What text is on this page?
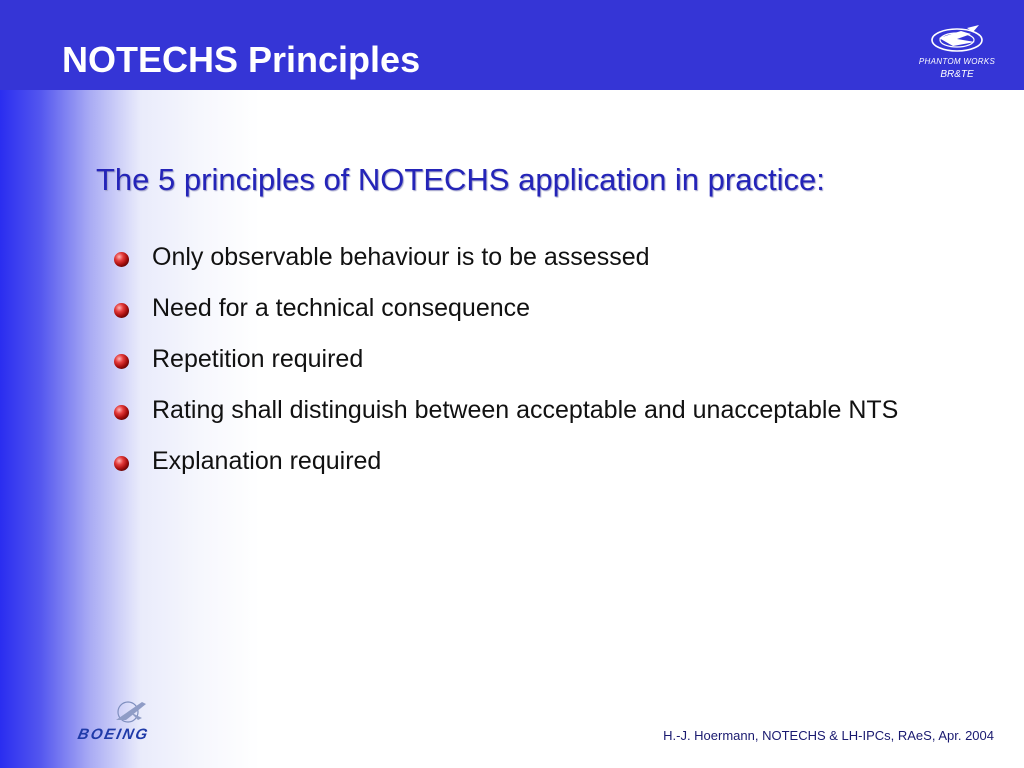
NOTECHS Principles	PHANTOM WORKS
BR&TE
The 5 principles of NOTECHS application in practice:
Only observable behaviour is to be assessed
Need for a technical consequence
Repetition required
Rating shall distinguish between acceptable and unacceptable NTS
Explanation required
BOEING	H.-J. Hoermann, NOTECHS & LH-IPCs, RAeS, Apr. 2004
